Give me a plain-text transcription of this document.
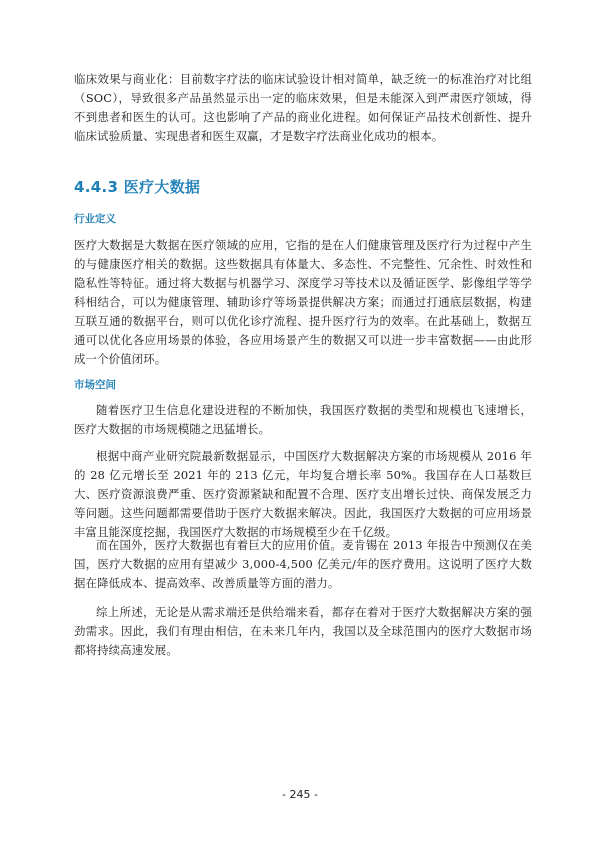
临床效果与商业化：目前数字疗法的临床试验设计相对简单，缺乏统一的标准治疗对比组（SOC），导致很多产品虽然显示出一定的临床效果，但是未能深入到严肃医疗领域，得不到患者和医生的认可。这也影响了产品的商业化进程。如何保证产品技术创新性、提升临床试验质量、实现患者和医生双赢，才是数字疗法商业化成功的根本。

4.4.3 医疗大数据
行业定义

医疗大数据是大数据在医疗领域的应用，它指的是在人们健康管理及医疗行为过程中产生的与健康医疗相关的数据。这些数据具有体量大、多态性、不完整性、冗余性、时效性和隐私性等特征。通过将大数据与机器学习、深度学习等技术以及循证医学、影像组学等学科相结合，可以为健康管理、辅助诊疗等场景提供解决方案；而通过打通底层数据，构建互联互通的数据平台，则可以优化诊疗流程、提升医疗行为的效率。在此基础上，数据互通可以优化各应用场景的体验，各应用场景产生的数据又可以进一步丰富数据——由此形成一个价值闭环。

市场空间

随着医疗卫生信息化建设进程的不断加快，我国医疗数据的类型和规模也飞速增长，医疗大数据的市场规模随之迅猛增长。

根据中商产业研究院最新数据显示，中国医疗大数据解决方案的市场规模从 2016 年的 28 亿元增长至 2021 年的 213 亿元，年均复合增长率 50%。我国存在人口基数巨大、医疗资源浪费严重、医疗资源紧缺和配置不合理、医疗支出增长过快、商保发展乏力等问题。这些问题都需要借助于医疗大数据来解决。因此，我国医疗大数据的可应用场景丰富且能深度挖掘，我国医疗大数据的市场规模至少在千亿级。

而在国外，医疗大数据也有着巨大的应用价值。麦肯锡在 2013 年报告中预测仅在美国，医疗大数据的应用有望减少 3,000-4,500 亿美元/年的医疗费用。这说明了医疗大数据在降低成本、提高效率、改善质量等方面的潜力。

综上所述，无论是从需求端还是供给端来看，都存在着对于医疗大数据解决方案的强劲需求。因此，我们有理由相信，在未来几年内，我国以及全球范围内的医疗大数据市场都将持续高速发展。

- 245 -
